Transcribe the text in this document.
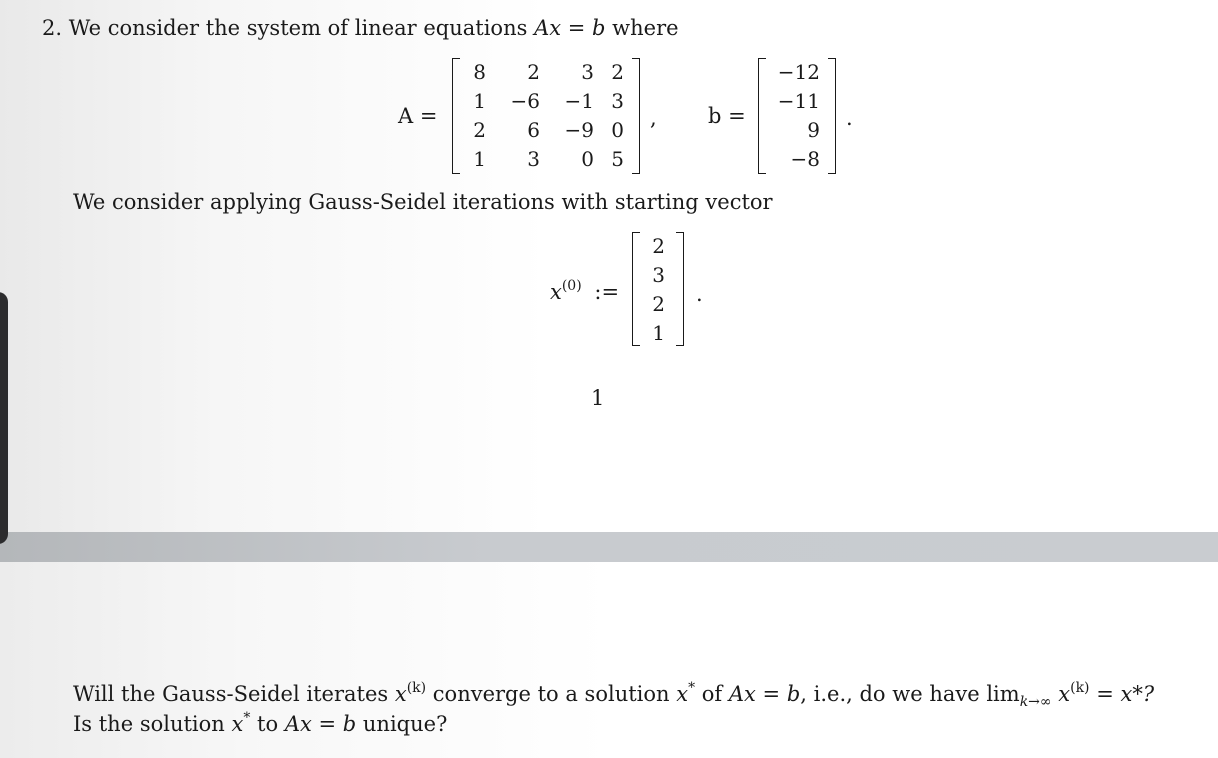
2. We consider the system of linear equations Ax = b where
A =
8 2 3 2
1 −6 −1 3
2 6 −9 0
1 3 0 5
, b =
−12
−11
9
−8
.
We consider applying Gauss-Seidel iterations with starting vector
$x^{(0)}$ :=
2
3
2
1
.
1
Will the Gauss-Seidel iterates $x^{(k)}$ converge to a solution x* of Ax = b, i.e., do we have $\lim_{k\to\infty} x^{(k)} = x*$?
Is the solution x* to Ax = b unique?
